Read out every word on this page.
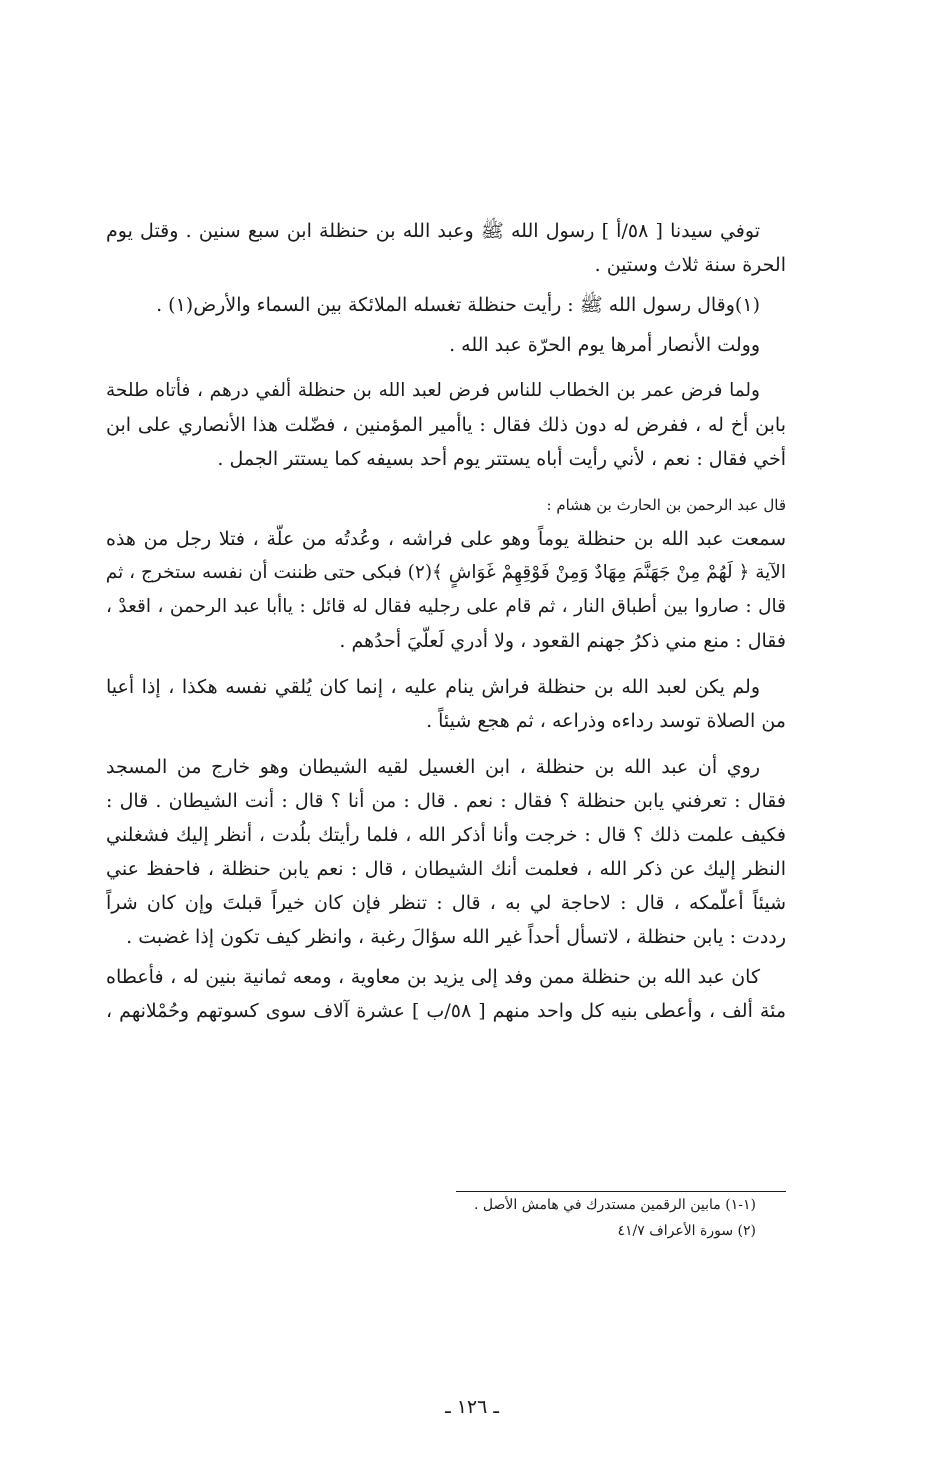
توفي سيدنا [ ٥٨/أ ] رسول الله ﷺ وعبد الله بن حنظلة ابن سبع سنين . وقتل يوم
الحرة سنة ثلاث وستين .
(١)وقال رسول الله ﷺ : رأيت حنظلة تغسله الملائكة بين السماء والأرض(١) .
وولت الأنصار أمرها يوم الحرّة عبد الله .
ولما فرض عمر بن الخطاب للناس فرض لعبد الله بن حنظلة ألفي درهم ، فأتاه طلحة
بابن أخ له ، ففرض له دون ذلك فقال : ياأمير المؤمنين ، فضّلت هذا الأنصاري على ابن
أخي فقال : نعم ، لأني رأيت أباه يستتر يوم أحد بسيفه كما يستتر الجمل .
قال عبد الرحمن بن الحارث بن هشام :
سمعت عبد الله بن حنظلة يوماً وهو على فراشه ، وعُدتُه من علّة ، فتلا رجل من هذه
الآية ﴿ لَهُمْ مِنْ جَهَنَّمَ مِهَادٌ وَمِنْ فَوْقِهِمْ غَوَاشٍ ﴾(٢) فبكى حتى ظننت أن نفسه ستخرج ، ثم
قال : صاروا بين أطباق النار ، ثم قام على رجليه فقال له قائل : ياأبا عبد الرحمن ، اقعدْ ،
فقال : منع مني ذكرُ جهنم القعود ، ولا أدري لَعلّيَ أحدُهم .
ولم يكن لعبد الله بن حنظلة فراش ينام عليه ، إنما كان يُلقي نفسه هكذا ، إذا أعيا
من الصلاة توسد رداءه وذراعه ، ثم هجع شيئاً .
روي أن عبد الله بن حنظلة ، ابن الغسيل لقيه الشيطان وهو خارج من المسجد
فقال : تعرفني يابن حنظلة ؟ فقال : نعم . قال : من أنا ؟ قال : أنت الشيطان . قال :
فكيف علمت ذلك ؟ قال : خرجت وأنا أذكر الله ، فلما رأيتك بلُدت ، أنظر إليك فشغلني
النظر إليك عن ذكر الله ، فعلمت أنك الشيطان ، قال : نعم يابن حنظلة ، فاحفظ عني
شيئاً أعلّمكه ، قال : لاحاجة لي به ، قال : تنظر فإن كان خيراً قبلتَ وإن كان شراً
رددت : يابن حنظلة ، لاتسأل أحداً غير الله سؤالَ رغبة ، وانظر كيف تكون إذا غضبت .
كان عبد الله بن حنظلة ممن وفد إلى يزيد بن معاوية ، ومعه ثمانية بنين له ، فأعطاه
مئة ألف ، وأعطى بنيه كل واحد منهم [ ٥٨/ب ] عشرة آلاف سوى كسوتهم وحُمْلانهم ،
(١-١) مابين الرقمين مستدرك في هامش الأصل .
(٢) سورة الأعراف ٤١/٧
ـ ١٢٦ ـ
